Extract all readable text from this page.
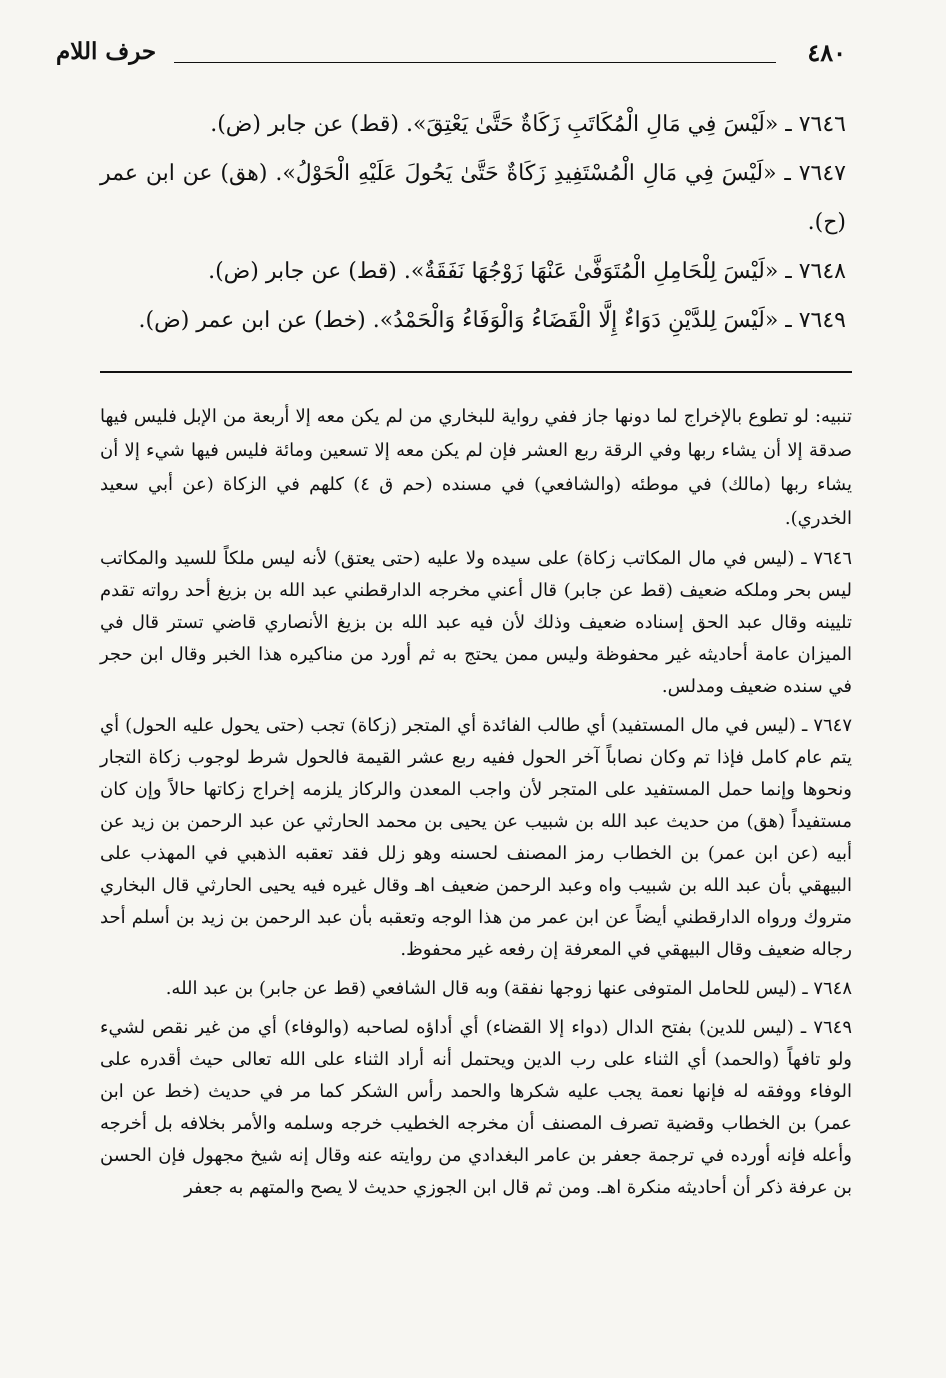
حرف اللام	٤٨٠

٧٦٤٦ ـ «لَيْسَ فِي مَالِ الْمُكَاتَبِ زَكَاةٌ حَتَّىٰ يَعْتِقَ». (قط) عن جابر (ض).

٧٦٤٧ ـ «لَيْسَ فِي مَالِ الْمُسْتَفِيدِ زَكَاةٌ حَتَّىٰ يَحُولَ عَلَيْهِ الْحَوْلُ». (هق) عن ابن عمر (ح).

٧٦٤٨ ـ «لَيْسَ لِلْحَامِلِ الْمُتَوَفَّىٰ عَنْهَا زَوْجُهَا نَفَقَةٌ». (قط) عن جابر (ض).

٧٦٤٩ ـ «لَيْسَ لِلدَّيْنِ دَوَاءٌ إِلَّا الْقَضَاءُ وَالْوَفَاءُ وَالْحَمْدُ». (خط) عن ابن عمر (ض).

تنبيه: لو تطوع بالإخراج لما دونها جاز ففي رواية للبخاري من لم يكن معه إلا أربعة من الإبل فليس فيها صدقة إلا أن يشاء ربها وفي الرقة ربع العشر فإن لم يكن معه إلا تسعين ومائة فليس فيها شيء إلا أن يشاء ربها (مالك) في موطئه (والشافعي) في مسنده (حم ق ٤) كلهم في الزكاة (عن أبي سعيد الخدري).

٧٦٤٦ ـ (ليس في مال المكاتب زكاة) على سيده ولا عليه (حتى يعتق) لأنه ليس ملكاً للسيد والمكاتب ليس بحر وملكه ضعيف (قط عن جابر) قال أعني مخرجه الدارقطني عبد الله بن بزيغ أحد رواته تقدم تليينه وقال عبد الحق إسناده ضعيف وذلك لأن فيه عبد الله بن بزيغ الأنصاري قاضي تستر قال في الميزان عامة أحاديثه غير محفوظة وليس ممن يحتج به ثم أورد من مناكيره هذا الخبر وقال ابن حجر في سنده ضعيف ومدلس.

٧٦٤٧ ـ (ليس في مال المستفيد) أي طالب الفائدة أي المتجر (زكاة) تجب (حتى يحول عليه الحول) أي يتم عام كامل فإذا تم وكان نصاباً آخر الحول ففيه ربع عشر القيمة فالحول شرط لوجوب زكاة التجار ونحوها وإنما حمل المستفيد على المتجر لأن واجب المعدن والركاز يلزمه إخراج زكاتها حالاً وإن كان مستفيداً (هق) من حديث عبد الله بن شبيب عن يحيى بن محمد الحارثي عن عبد الرحمن بن زيد عن أبيه (عن ابن عمر) بن الخطاب رمز المصنف لحسنه وهو زلل فقد تعقبه الذهبي في المهذب على البيهقي بأن عبد الله بن شبيب واه وعبد الرحمن ضعيف اهـ وقال غيره فيه يحيى الحارثي قال البخاري متروك ورواه الدارقطني أيضاً عن ابن عمر من هذا الوجه وتعقبه بأن عبد الرحمن بن زيد بن أسلم أحد رجاله ضعيف وقال البيهقي في المعرفة إن رفعه غير محفوظ.

٧٦٤٨ ـ (ليس للحامل المتوفى عنها زوجها نفقة) وبه قال الشافعي (قط عن جابر) بن عبد الله.

٧٦٤٩ ـ (ليس للدين) بفتح الدال (دواء إلا القضاء) أي أداؤه لصاحبه (والوفاء) أي من غير نقص لشيء ولو تافهاً (والحمد) أي الثناء على رب الدين ويحتمل أنه أراد الثناء على الله تعالى حيث أقدره على الوفاء ووفقه له فإنها نعمة يجب عليه شكرها والحمد رأس الشكر كما مر في حديث (خط عن ابن عمر) بن الخطاب وقضية تصرف المصنف أن مخرجه الخطيب خرجه وسلمه والأمر بخلافه بل أخرجه وأعله فإنه أورده في ترجمة جعفر بن عامر البغدادي من روايته عنه وقال إنه شيخ مجهول فإن الحسن بن عرفة ذكر أن أحاديثه منكرة اهـ. ومن ثم قال ابن الجوزي حديث لا يصح والمتهم به جعفر
